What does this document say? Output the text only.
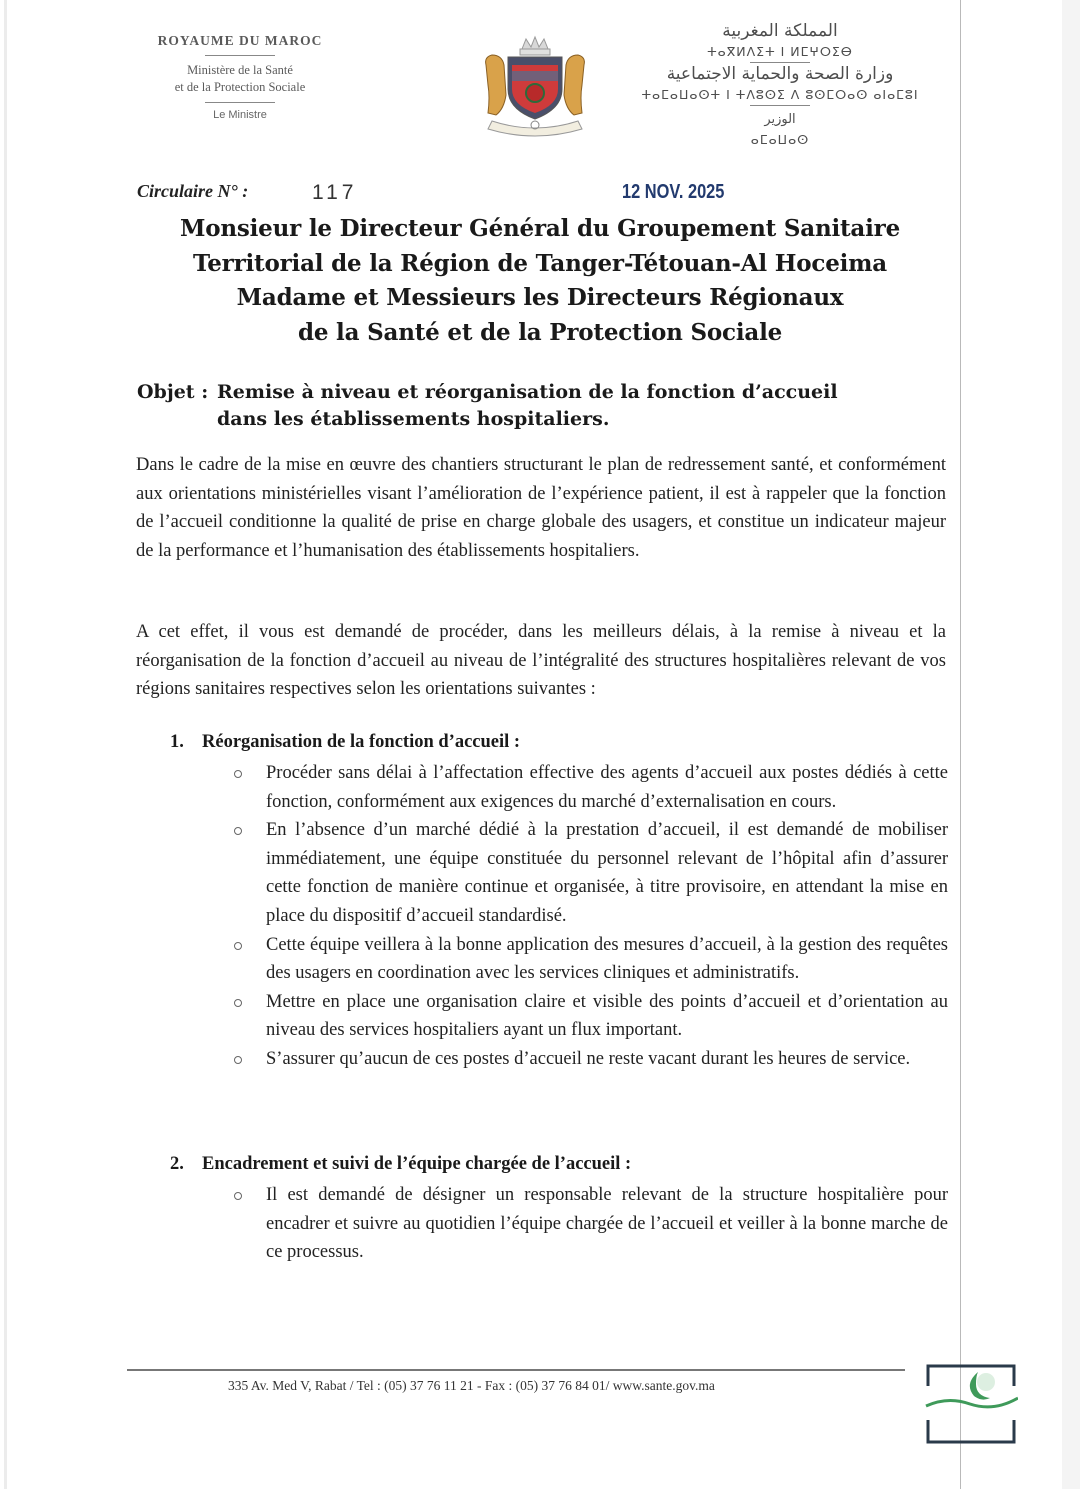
ROYAUME DU MAROC
Ministère de la Santé
et de la Protection Sociale
Le Ministre
المملكة المغربية
ⵜⴰⴳⵍⴷⵉⵜ ⵏ ⵍⵎⵖⵔⵉⴱ
وزارة الصحة والحماية الاجتماعية
ⵜⴰⵎⴰⵡⴰⵙⵜ ⵏ ⵜⴷⵓⵙⵉ ⴷ ⵓⵙⵎⵔⴰⵙ ⴰⵏⴰⵎⵓⵏ
الوزير
ⴰⵎⴰⵡⴰⵙ
Circulaire N° :	117	12 NOV. 2025
Monsieur le Directeur Général du Groupement Sanitaire
Territorial de la Région de Tanger-Tétouan-Al Hoceima
Madame et Messieurs les Directeurs Régionaux
de la Santé et de la Protection Sociale
Objet : Remise à niveau et réorganisation de la fonction d’accueil
dans les établissements hospitaliers.
Dans le cadre de la mise en œuvre des chantiers structurant le plan de redressement santé, et conformément aux orientations ministérielles visant l’amélioration de l’expérience patient, il est à rappeler que la fonction de l’accueil conditionne la qualité de prise en charge globale des usagers, et constitue un indicateur majeur de la performance et l’humanisation des établissements hospitaliers.
A cet effet, il vous est demandé de procéder, dans les meilleurs délais, à la remise à niveau et la réorganisation de la fonction d’accueil au niveau de l’intégralité des structures hospitalières relevant de vos régions sanitaires respectives selon les orientations suivantes :
1. Réorganisation de la fonction d’accueil :
Procéder sans délai à l’affectation effective des agents d’accueil aux postes dédiés à cette fonction, conformément aux exigences du marché d’externalisation en cours.
En l’absence d’un marché dédié à la prestation d’accueil, il est demandé de mobiliser immédiatement, une équipe constituée du personnel relevant de l’hôpital afin d’assurer cette fonction de manière continue et organisée, à titre provisoire, en attendant la mise en place du dispositif d’accueil standardisé.
Cette équipe veillera à la bonne application des mesures d’accueil, à la gestion des requêtes des usagers en coordination avec les services cliniques et administratifs.
Mettre en place une organisation claire et visible des points d’accueil et d’orientation au niveau des services hospitaliers ayant un flux important.
S’assurer qu’aucun de ces postes d’accueil ne reste vacant durant les heures de service.
2. Encadrement et suivi de l’équipe chargée de l’accueil :
Il est demandé de désigner un responsable relevant de la structure hospitalière pour encadrer et suivre au quotidien l’équipe chargée de l’accueil et veiller à la bonne marche de ce processus.
335 Av. Med V, Rabat / Tel : (05) 37 76 11 21 - Fax : (05) 37 76 84 01/ www.sante.gov.ma
